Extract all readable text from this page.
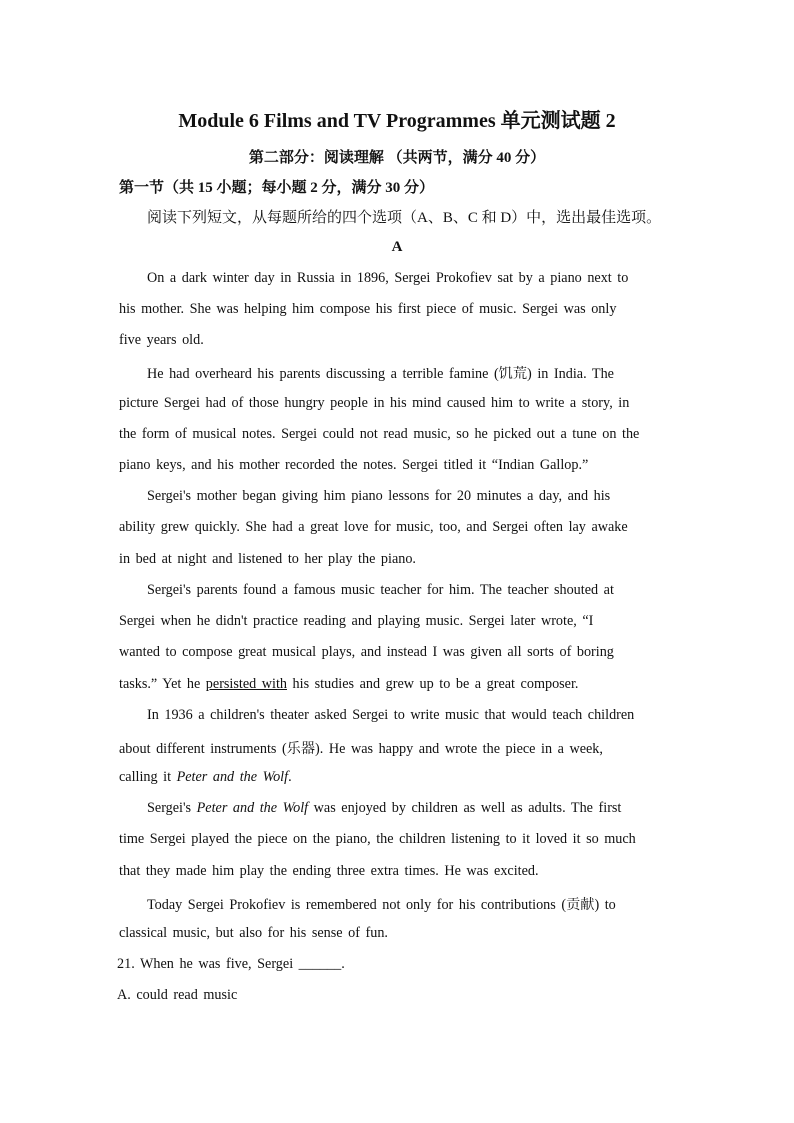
Module 6 Films and TV Programmes 单元测试题 2
第二部分：阅读理解 （共两节，满分 40 分）
第一节（共 15 小题；每小题 2 分，满分 30 分）
阅读下列短文，从每题所给的四个选项（A、B、C 和 D）中，选出最佳选项。
A
On a dark winter day in Russia in 1896, Sergei Prokofiev sat by a piano next to
his mother. She was helping him compose his first piece of music. Sergei was only
five years old.
He had overheard his parents discussing a terrible famine (饥荒) in India. The
picture Sergei had of those hungry people in his mind caused him to write a story, in
the form of musical notes. Sergei could not read music, so he picked out a tune on the
piano keys, and his mother recorded the notes. Sergei titled it “Indian Gallop.”
Sergei's mother began giving him piano lessons for 20 minutes a day, and his
ability grew quickly. She had a great love for music, too, and Sergei often lay awake
in bed at night and listened to her play the piano.
Sergei's parents found a famous music teacher for him. The teacher shouted at
Sergei when he didn't practice reading and playing music. Sergei later wrote, “I
wanted to compose great musical plays, and instead I was given all sorts of boring
tasks.” Yet he persisted with his studies and grew up to be a great composer.
In 1936 a children's theater asked Sergei to write music that would teach children
about different instruments (乐器). He was happy and wrote the piece in a week,
calling it Peter and the Wolf.
Sergei's Peter and the Wolf was enjoyed by children as well as adults. The first
time Sergei played the piece on the piano, the children listening to it loved it so much
that they made him play the ending three extra times. He was excited.
Today Sergei Prokofiev is remembered not only for his contributions (贡献) to
classical music, but also for his sense of fun.
21. When he was five, Sergei ______.
A. could read music
